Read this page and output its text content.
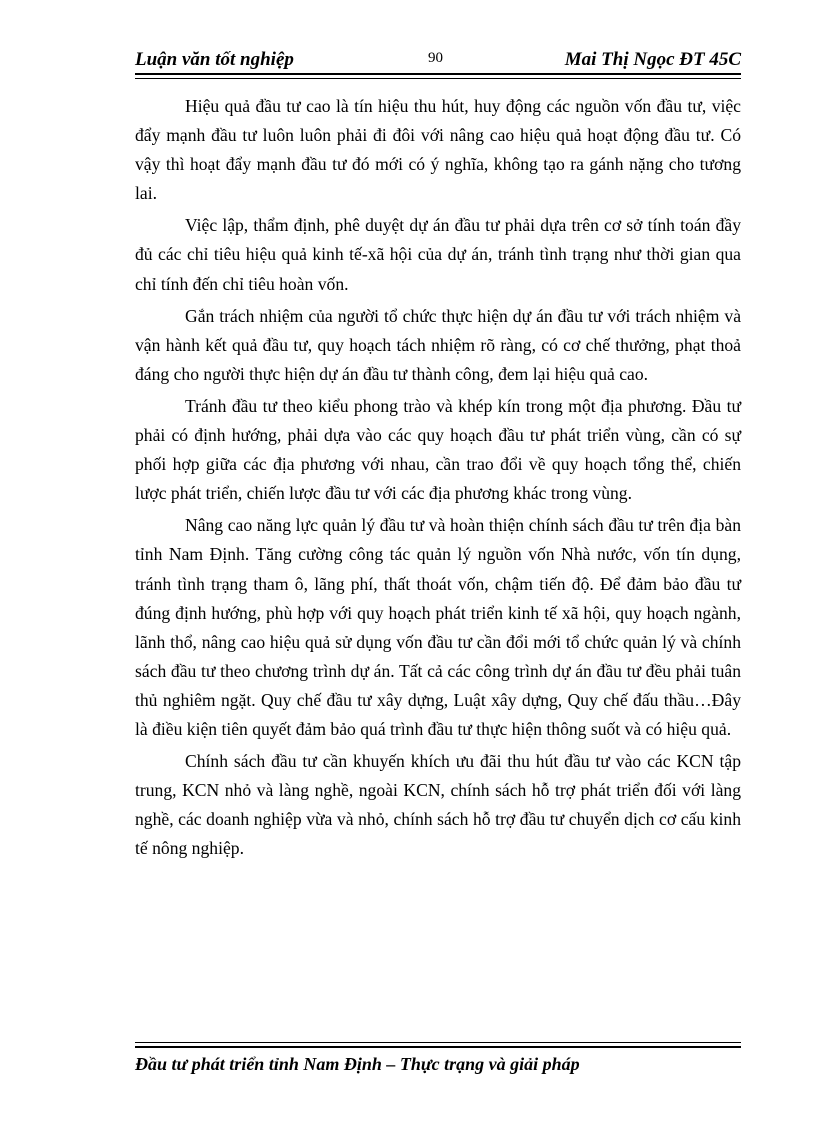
Luận văn tốt nghiệp	90	Mai Thị Ngọc ĐT 45C

Hiệu quả đầu tư cao là tín hiệu thu hút, huy động các nguồn vốn đầu tư, việc đẩy mạnh đầu tư luôn luôn phải đi đôi với nâng cao hiệu quả hoạt động đầu tư. Có vậy thì hoạt đẩy mạnh đầu tư đó mới có ý nghĩa, không tạo ra gánh nặng cho tương lai.

Việc lập, thẩm định, phê duyệt dự án đầu tư phải dựa trên cơ sở tính toán đầy đủ các chỉ tiêu hiệu quả kinh tế-xã hội của dự án, tránh tình trạng như thời gian qua chỉ tính đến chỉ tiêu hoàn vốn.

Gắn trách nhiệm của người tổ chức thực hiện dự án đầu tư với trách nhiệm và vận hành kết quả đầu tư, quy hoạch tách nhiệm rõ ràng, có cơ chế thưởng, phạt thoả đáng cho người thực hiện dự án đầu tư thành công, đem lại hiệu quả cao.

Tránh đầu tư theo kiểu phong trào và khép kín trong một địa phương. Đầu tư phải có định hướng, phải dựa vào các quy hoạch đầu tư phát triển vùng, cần có sự phối hợp giữa các địa phương với nhau, cần trao đổi về quy hoạch tổng thể, chiến lược phát triển, chiến lược đầu tư với các địa phương khác trong vùng.

Nâng cao năng lực quản lý đầu tư và hoàn thiện chính sách đầu tư trên địa bàn tỉnh Nam Định. Tăng cường công tác quản lý nguồn vốn Nhà nước, vốn tín dụng, tránh tình trạng tham ô, lãng phí, thất thoát vốn, chậm tiến độ. Để đảm bảo đầu tư đúng định hướng, phù hợp với quy hoạch phát triển kinh tế xã hội, quy hoạch ngành, lãnh thổ, nâng cao hiệu quả sử dụng vốn đầu tư cần đổi mới tổ chức quản lý và chính sách đầu tư theo chương trình dự án. Tất cả các công trình dự án đầu tư đều phải tuân thủ nghiêm ngặt. Quy chế đầu tư xây dựng, Luật xây dựng, Quy chế đấu thầu…Đây là điều kiện tiên quyết đảm bảo quá trình đầu tư thực hiện thông suốt và có hiệu quả.

Chính sách đầu tư cần khuyến khích ưu đãi thu hút đầu tư vào các KCN tập trung, KCN nhỏ và làng nghề, ngoài KCN, chính sách hỗ trợ phát triển đối với làng nghề, các doanh nghiệp vừa và nhỏ, chính sách hỗ trợ đầu tư chuyển dịch cơ cấu kinh tế nông nghiệp.

Đầu tư phát triển tỉnh Nam Định – Thực trạng và giải pháp
